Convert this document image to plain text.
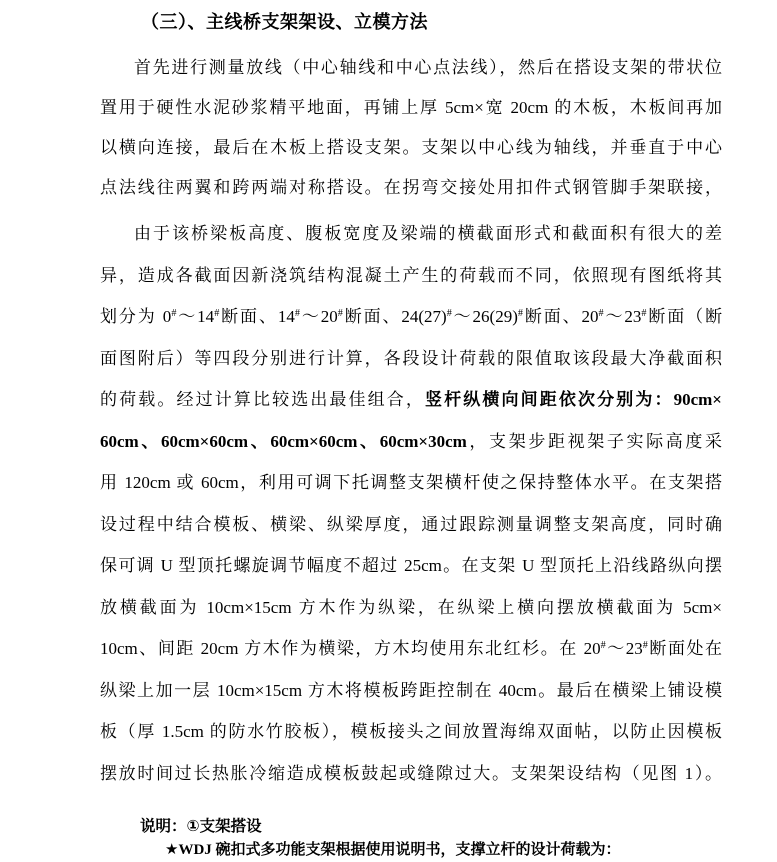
（三）、主线桥支架架设、立模方法
首先进行测量放线（中心轴线和中心点法线），然后在搭设支架的带状位
置用于硬性水泥砂浆精平地面，再铺上厚 5cm×宽 20cm 的木板，木板间再加
以横向连接，最后在木板上搭设支架。支架以中心线为轴线，并垂直于中心
点法线往两翼和跨两端对称搭设。在拐弯交接处用扣件式钢管脚手架联接，
由于该桥梁板高度、腹板宽度及梁端的横截面形式和截面积有很大的差
异，造成各截面因新浇筑结构混凝土产生的荷载而不同，依照现有图纸将其
划分为 0#～14#断面、14#～20#断面、24(27)#～26(29)#断面、20#～23#断面（断
面图附后）等四段分别进行计算，各段设计荷载的限值取该段最大净截面积
的荷载。经过计算比较选出最佳组合，竖杆纵横向间距依次分别为：90cm×
60cm、60cm×60cm、60cm×60cm、60cm×30cm，支架步距视架子实际高度采
用 120cm 或 60cm，利用可调下托调整支架横杆使之保持整体水平。在支架搭
设过程中结合模板、横梁、纵梁厚度，通过跟踪测量调整支架高度，同时确
保可调 U 型顶托螺旋调节幅度不超过 25cm。在支架 U 型顶托上沿线路纵向摆
放横截面为 10cm×15cm 方木作为纵梁，在纵梁上横向摆放横截面为 5cm×
10cm、间距 20cm 方木作为横梁，方木均使用东北红杉。在 20#～23#断面处在
纵梁上加一层 10cm×15cm 方木将模板跨距控制在 40cm。最后在横梁上铺设模
板（厚 1.5cm 的防水竹胶板），模板接头之间放置海绵双面帖，以防止因模板
摆放时间过长热胀冷缩造成模板鼓起或缝隙过大。支架架设结构（见图 1）。
说明：①支架搭设
★WDJ 碗扣式多功能支架根据使用说明书，支撑立杆的设计荷载为：
